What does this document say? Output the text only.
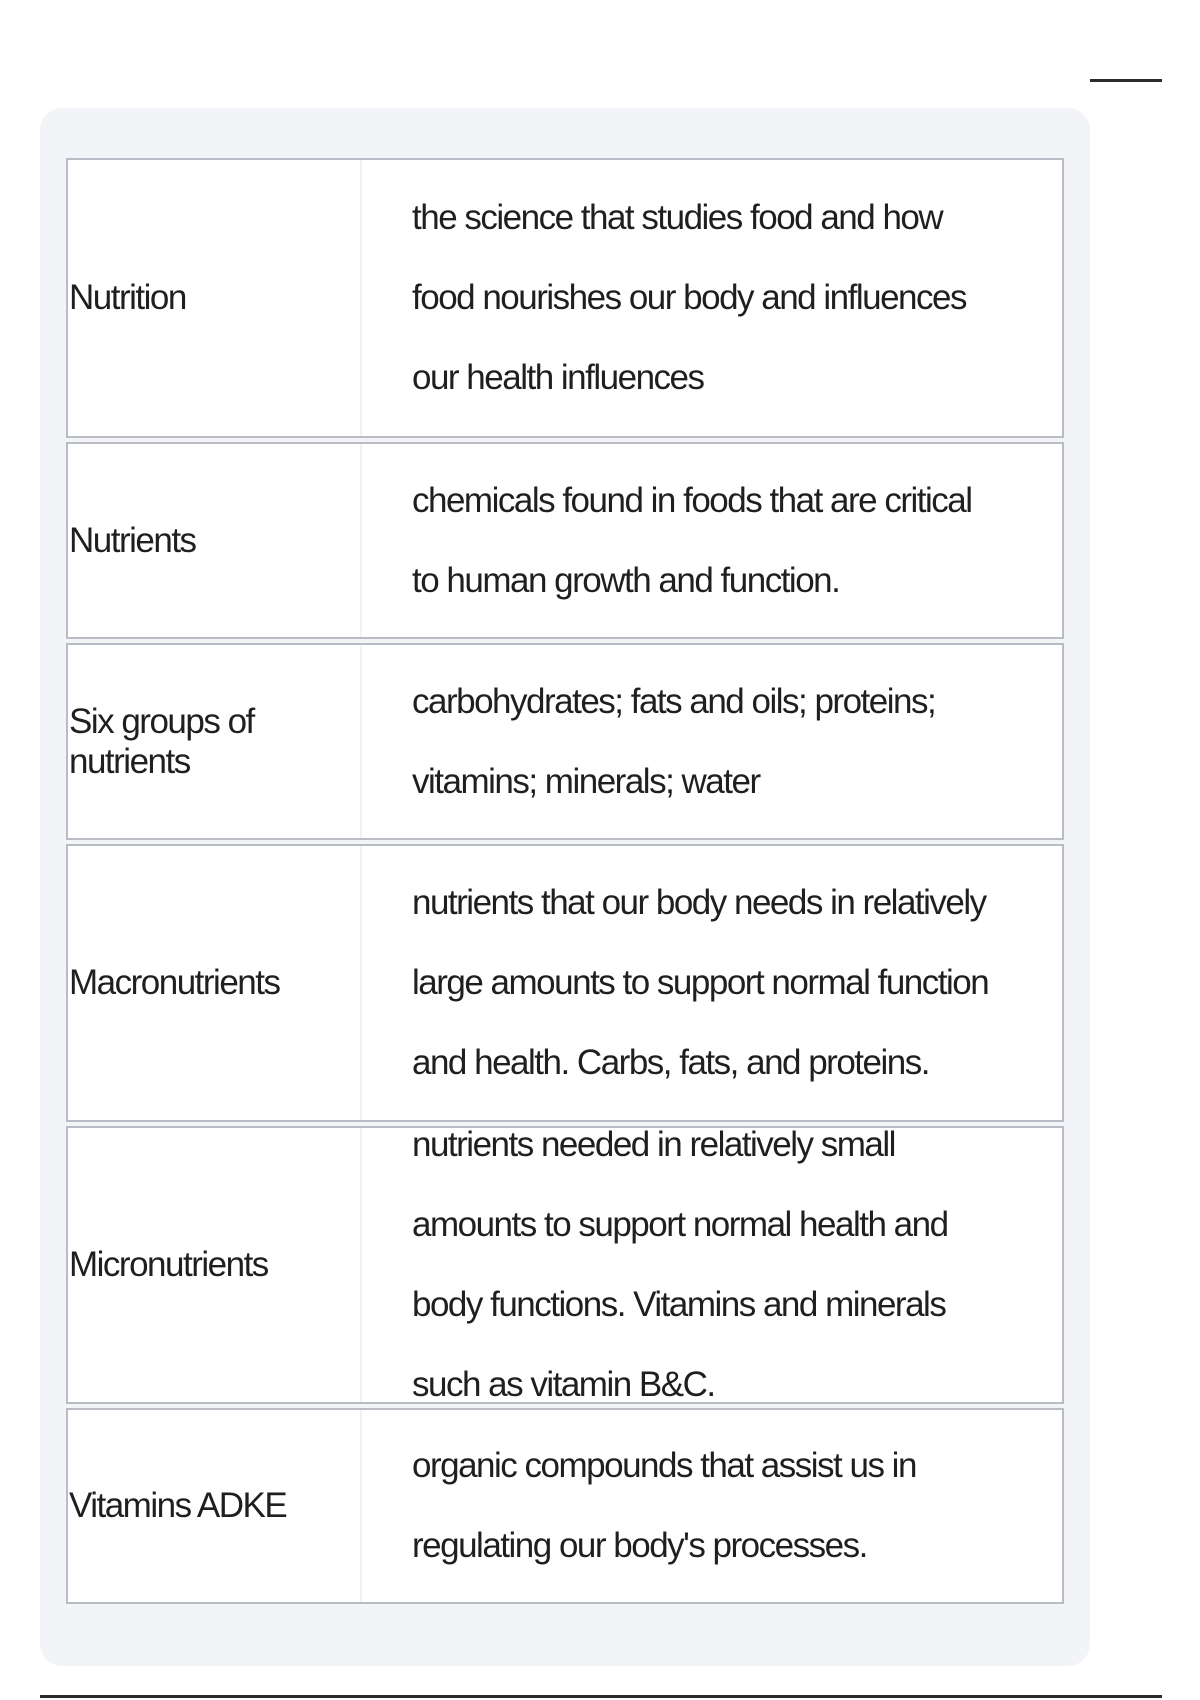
Nutrition
the science that studies food and how food nourishes our body and influences our health influences
Nutrients
chemicals found in foods that are critical to human growth and function.
Six groups of nutrients
carbohydrates; fats and oils; proteins; vitamins; minerals; water
Macronutrients
nutrients that our body needs in relatively large amounts to support normal function and health. Carbs, fats, and proteins.
Micronutrients
nutrients needed in relatively small amounts to support normal health and body functions. Vitamins and minerals such as vitamin B&C.
Vitamins ADKE
organic compounds that assist us in regulating our body's processes.
